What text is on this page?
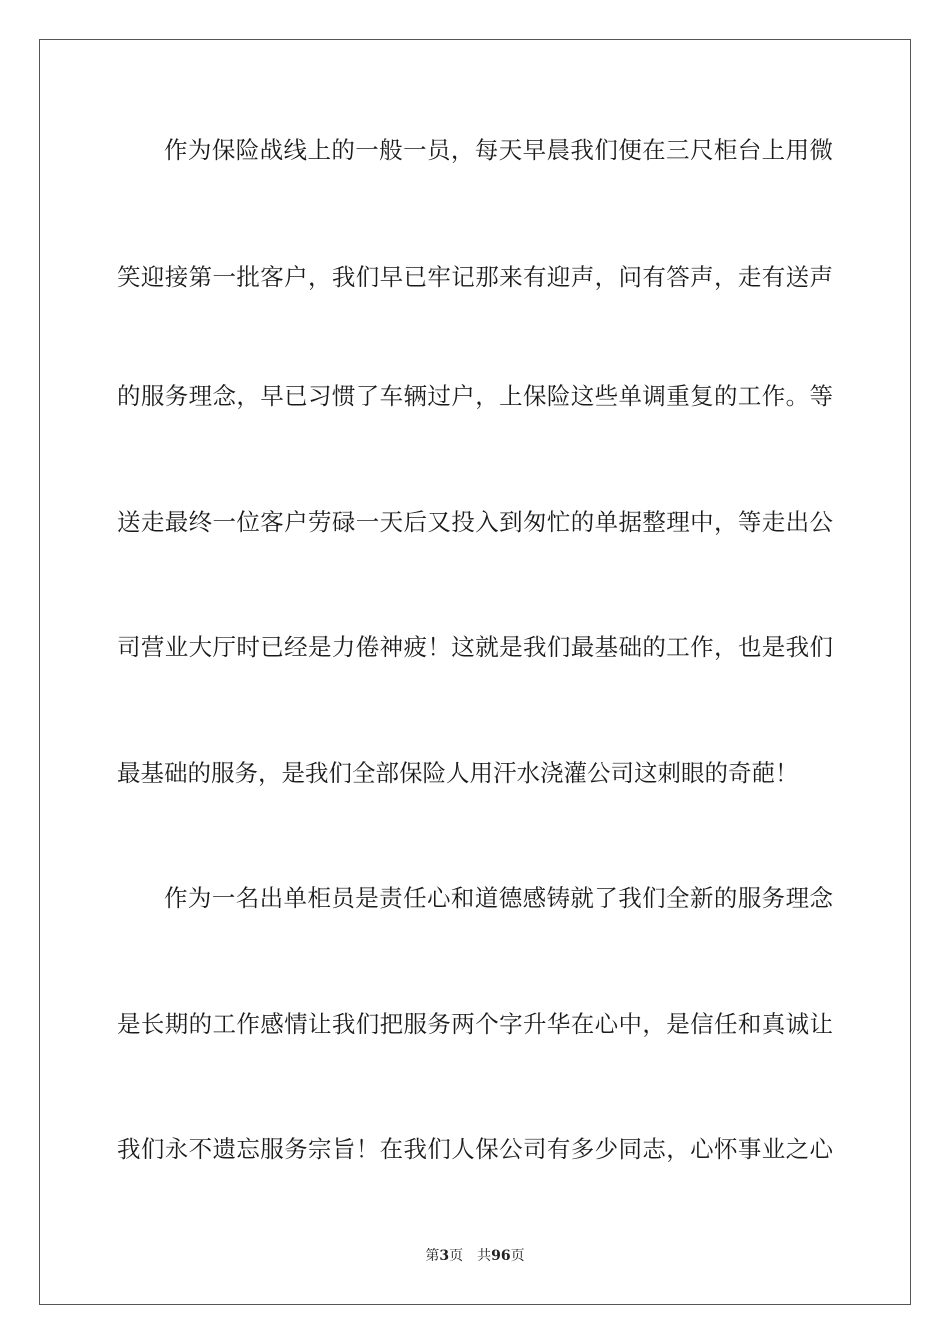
作为保险战线上的一般一员，每天早晨我们便在三尺柜台上用微
笑迎接第一批客户，我们早已牢记那来有迎声，问有答声，走有送声
的服务理念，早已习惯了车辆过户，上保险这些单调重复的工作。等
送走最终一位客户劳碌一天后又投入到匆忙的单据整理中，等走出公
司营业大厅时已经是力倦神疲！这就是我们最基础的工作，也是我们
最基础的服务，是我们全部保险人用汗水浇灌公司这刺眼的奇葩！
作为一名出单柜员是责任心和道德感铸就了我们全新的服务理念
是长期的工作感情让我们把服务两个字升华在心中，是信任和真诚让
我们永不遗忘服务宗旨！在我们人保公司有多少同志，心怀事业之心
第3页 共96页
